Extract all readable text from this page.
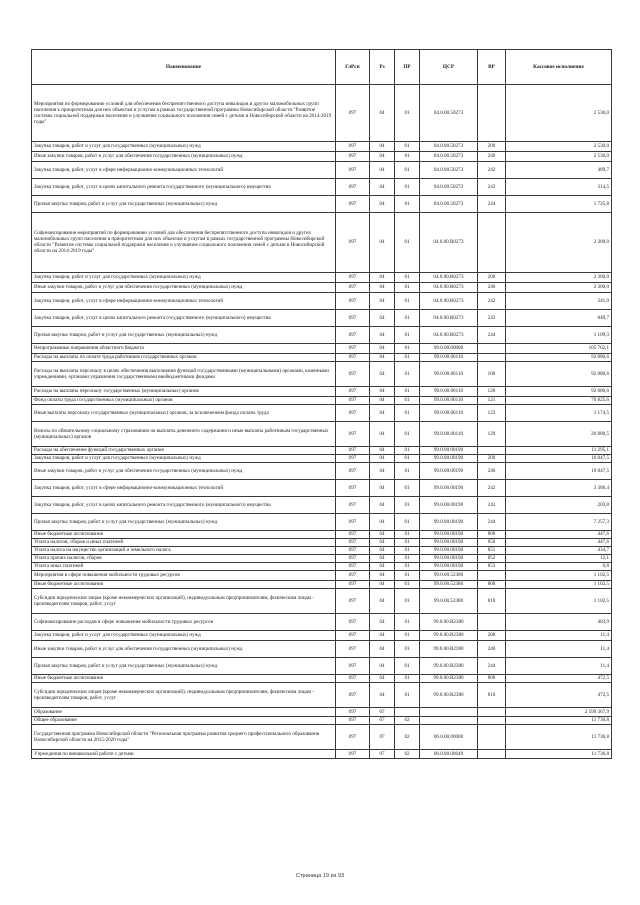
Наименование	ГлРсп	Рз	ПР	ЦСР	ВР	Кассовое исполнение
Мероприятия по формированию условий для обеспечения беспрепятственного доступа инвалидов и других маломобильных групп населения к приоритетным для них объектам и услугам в рамках государственной программы Новосибирской области "Развитие системы социальной поддержки населения и улучшение социального положения семей с детьми в Новосибирской области на 2014-2019 годы"	097	04	01	04.0.00.50273		2 530,0
Закупка товаров, работ и услуг для государственных (муниципальных) нужд	097	04	01	04.0.00.50273	200	2 530,0
Иные закупки товаров, работ и услуг для обеспечения государственных (муниципальных) нужд	097	04	01	04.0.00.50273	240	2 530,0
Закупка товаров, работ, услуг в сфере информационно-коммуникационных технологий	097	04	01	04.0.00.50273	242	489,7
Закупка товаров, работ, услуг в целях капитального ремонта государственного (муниципального) имущества	097	04	01	04.0.00.50273	243	314,5
Прочая закупка товаров, работ и услуг для государственных (муниципальных) нужд	097	04	01	04.0.00.50273	244	1 725,8
Софинансирование мероприятий по формированию условий для обеспечения беспрепятственного доступа инвалидов и других маломобильных групп населения в приоритетным для них объектам и услугам в рамках государственной программы Новосибирской области "Развитие системы социальной поддержки населения и улучшение социального положения семей с детьми в Новосибирской области на 2014-2019 годы"	097	04	01	04.0.00.R0273		2 300,0
Закупка товаров, работ и услуг для государственных (муниципальных) нужд	097	04	01	04.0.00.R0273	200	2 300,0
Иные закупки товаров, работ и услуг для обеспечения государственных (муниципальных) нужд	097	04	01	04.0.00.R0273	240	2 300,0
Закупка товаров, работ, услуг в сфере информационно-коммуникационных технологий	097	04	01	04.0.00.R0273	242	341,0
Закупка товаров, работ, услуг в целях капитального ремонта государственного (муниципального) имущества	097	04	01	04.0.00.R0273	243	849,7
Прочая закупка товаров, работ и услуг для государственных (муниципальных) нужд	097	04	01	04.0.00.R0273	244	1 109,3
Непрограммные направления областного бюджета	097	04	01	99.0.00.00000		105 762,1
Расходы на выплаты по оплате труда работников государственных органов	097	04	01	99.0.00.00110		92 880,6
Расходы на выплаты персоналу в целях обеспечения выполнения функций государственными (муниципальными) органами, казенными учреждениями, органами управления государственными внебюджетными фондами	097	04	01	99.0.00.00110	100	92 880,6
Расходы на выплаты персоналу государственных (муниципальных) органов	097	04	01	99.0.00.00110	120	92 880,6
Фонд оплаты труда государственных (муниципальных) органов	097	04	01	99.0.00.00110	121	70 825,6
Иные выплаты персоналу государственных (муниципальных) органов, за исключением фонда оплаты труда	097	04	01	99.0.00.00110	122	1 174,5
Взносы по обязательному социальному страхованию на выплаты денежного содержания и иные выплаты работникам государственных (муниципальных) органов	097	04	01	99.0.00.00110	129	20 880,5
Расходы на обеспечение функций государственных органов	097	04	01	99.0.00.00190		11 295,1
Закупка товаров, работ и услуг для государственных (муниципальных) нужд	097	04	01	99.0.00.00190	200	10 847,5
Иные закупки товаров, работ и услуг для обеспечения государственных (муниципальных) нужд	097	04	01	99.0.00.00190	240	10 847,5
Закупка товаров, работ, услуг в сфере информационно-коммуникационных технологий	097	04	01	99.0.00.00190	242	3 386,4
Закупка товаров, работ, услуг в целях капитального ремонта государственного (муниципального) имущества	097	04	01	99.0.00.00190	243	203,8
Прочая закупка товаров, работ и услуг для государственных (муниципальных) нужд	097	04	01	99.0.00.00190	244	7 257,3
Иные бюджетные ассигнования	097	04	01	99.0.00.00190	800	447,6
Уплата налогов, сборов и иных платежей	097	04	01	99.0.00.00190	850	447,6
Уплата налога на имущество организаций и земельного налога	097	04	01	99.0.00.00190	851	434,7
Уплата прочих налогов, сборов	097	04	01	99.0.00.00190	852	12,1
Уплата иных платежей	097	04	01	99.0.00.00190	853	0,8
Мероприятия в сфере повышения мобильности трудовых ресурсов	097	04	01	99.0.00.52380		1 102,5
Иные бюджетные ассигнования	097	04	01	99.0.00.52380	800	1 102,5
Субсидии юридическим лицам (кроме некоммерческих организаций), индивидуальным предпринимателям, физическим лицам - производителям товаров, работ, услуг	097	04	01	99.0.00.52380	810	1 102,5
Софинансирование расходов в сфере повышения мобильности трудовых ресурсов	097	04	01	99.0.00.R2380		483,9
Закупка товаров, работ и услуг для государственных (муниципальных) нужд	097	04	01	99.0.00.R2380	200	11,4
Иные закупки товаров, работ и услуг для обеспечения государственных (муниципальных) нужд	097	04	01	99.0.00.R2380	240	11,4
Прочая закупка товаров, работ и услуг для государственных (муниципальных) нужд	097	04	01	99.0.00.R2380	244	11,4
Иные бюджетные ассигнования	097	04	01	99.0.00.R2380	800	472,5
Субсидии юридическим лицам (кроме некоммерческих организаций), индивидуальным предпринимателям, физическим лицам - производителям товаров, работ, услуг	097	04	01	99.0.00.R2380	810	472,5
Образование	097	07				2 599 367,9
Общее образование	097	07	02			11 736,8
Государственная программа Новосибирской области "Региональная программа развития среднего профессионального образования Новосибирской области на 2015-2020 годы"	097	07	02	06.0.00.00000		11 736,8
Учреждения по внешкольной работе с детьми	097	07	02	06.0.00.00640		11 736,8
Страница 19 из 93
